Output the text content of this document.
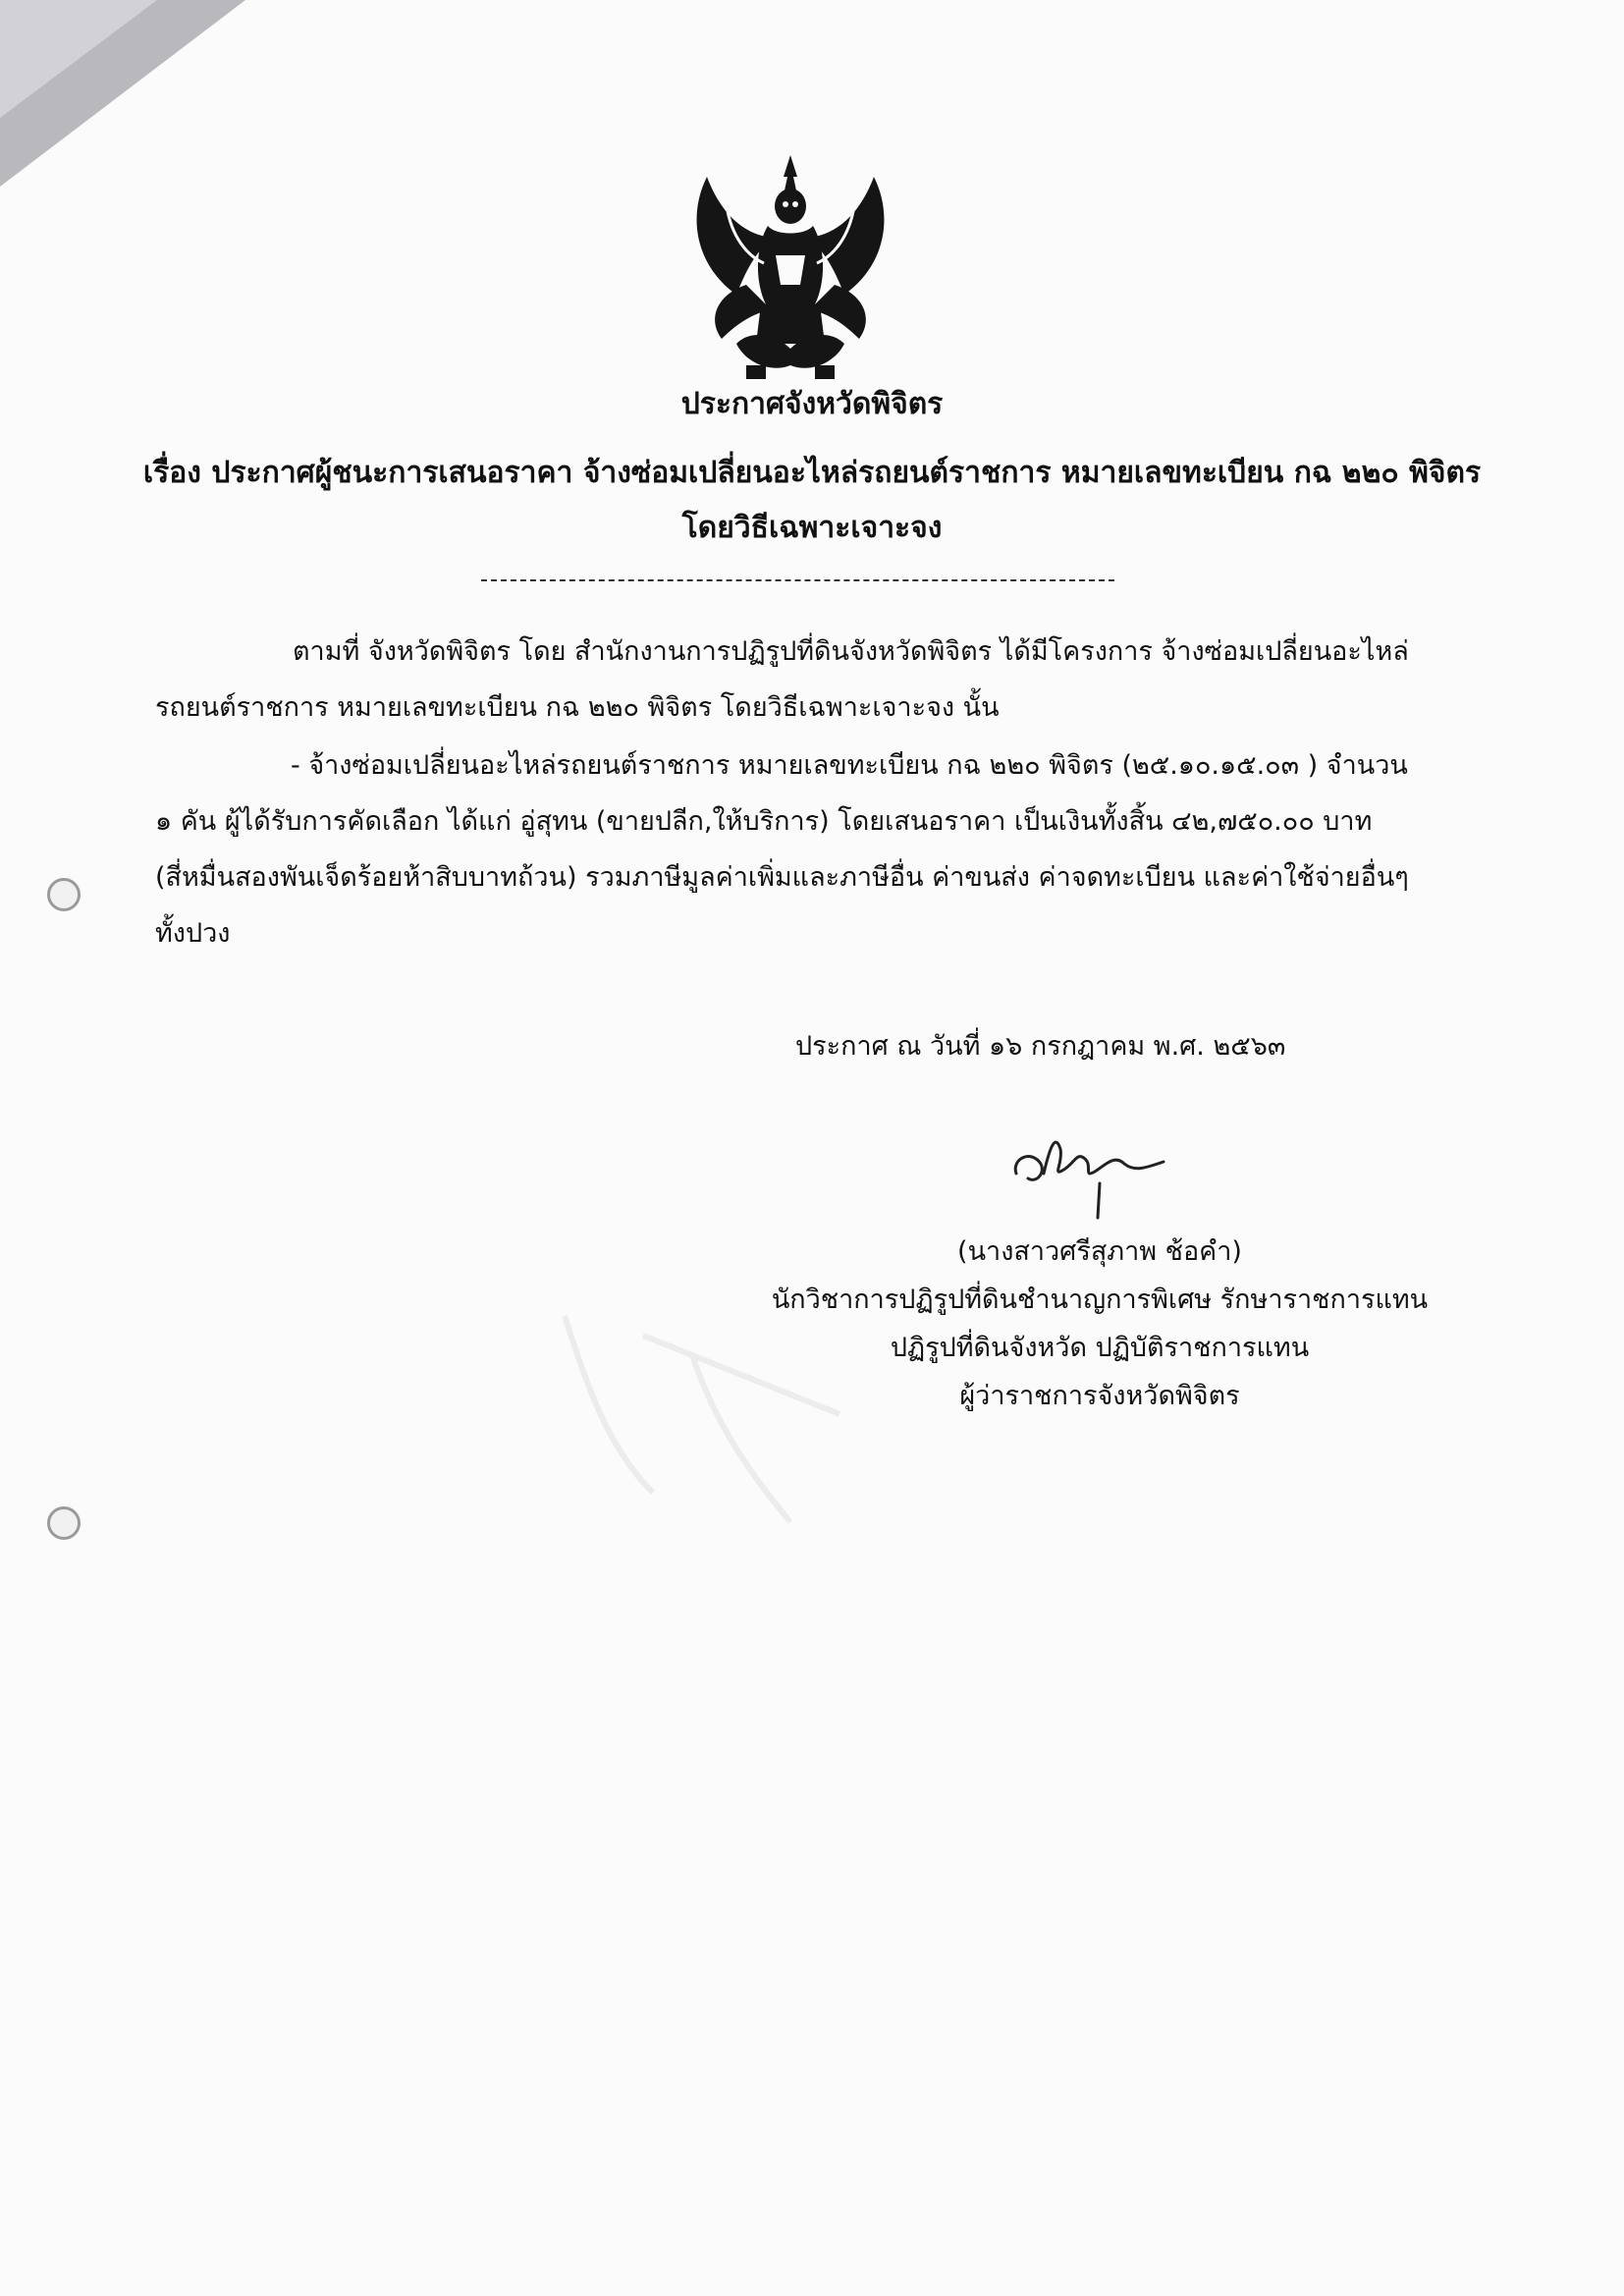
ประกาศจังหวัดพิจิตร
เรื่อง ประกาศผู้ชนะการเสนอราคา จ้างซ่อมเปลี่ยนอะไหล่รถยนต์ราชการ หมายเลขทะเบียน กฉ ๒๒๐ พิจิตร
โดยวิธีเฉพาะเจาะจง
ตามที่ จังหวัดพิจิตร โดย สำนักงานการปฏิรูปที่ดินจังหวัดพิจิตร ได้มีโครงการ จ้างซ่อมเปลี่ยนอะไหล่
รถยนต์ราชการ หมายเลขทะเบียน กฉ ๒๒๐ พิจิตร โดยวิธีเฉพาะเจาะจง นั้น
- จ้างซ่อมเปลี่ยนอะไหล่รถยนต์ราชการ หมายเลขทะเบียน กฉ ๒๒๐ พิจิตร (๒๕.๑๐.๑๕.๐๓ ) จำนวน
๑ คัน ผู้ได้รับการคัดเลือก ได้แก่ อู่สุทน (ขายปลีก,ให้บริการ) โดยเสนอราคา เป็นเงินทั้งสิ้น ๔๒,๗๕๐.๐๐ บาท
(สี่หมื่นสองพันเจ็ดร้อยห้าสิบบาทถ้วน) รวมภาษีมูลค่าเพิ่มและภาษีอื่น ค่าขนส่ง ค่าจดทะเบียน และค่าใช้จ่ายอื่นๆ
ทั้งปวง
ประกาศ ณ วันที่ ๑๖ กรกฎาคม พ.ศ. ๒๕๖๓
(นางสาวศรีสุภาพ ช้อคำ)
นักวิชาการปฏิรูปที่ดินชำนาญการพิเศษ รักษาราชการแทน
ปฏิรูปที่ดินจังหวัด ปฏิบัติราชการแทน
ผู้ว่าราชการจังหวัดพิจิตร
